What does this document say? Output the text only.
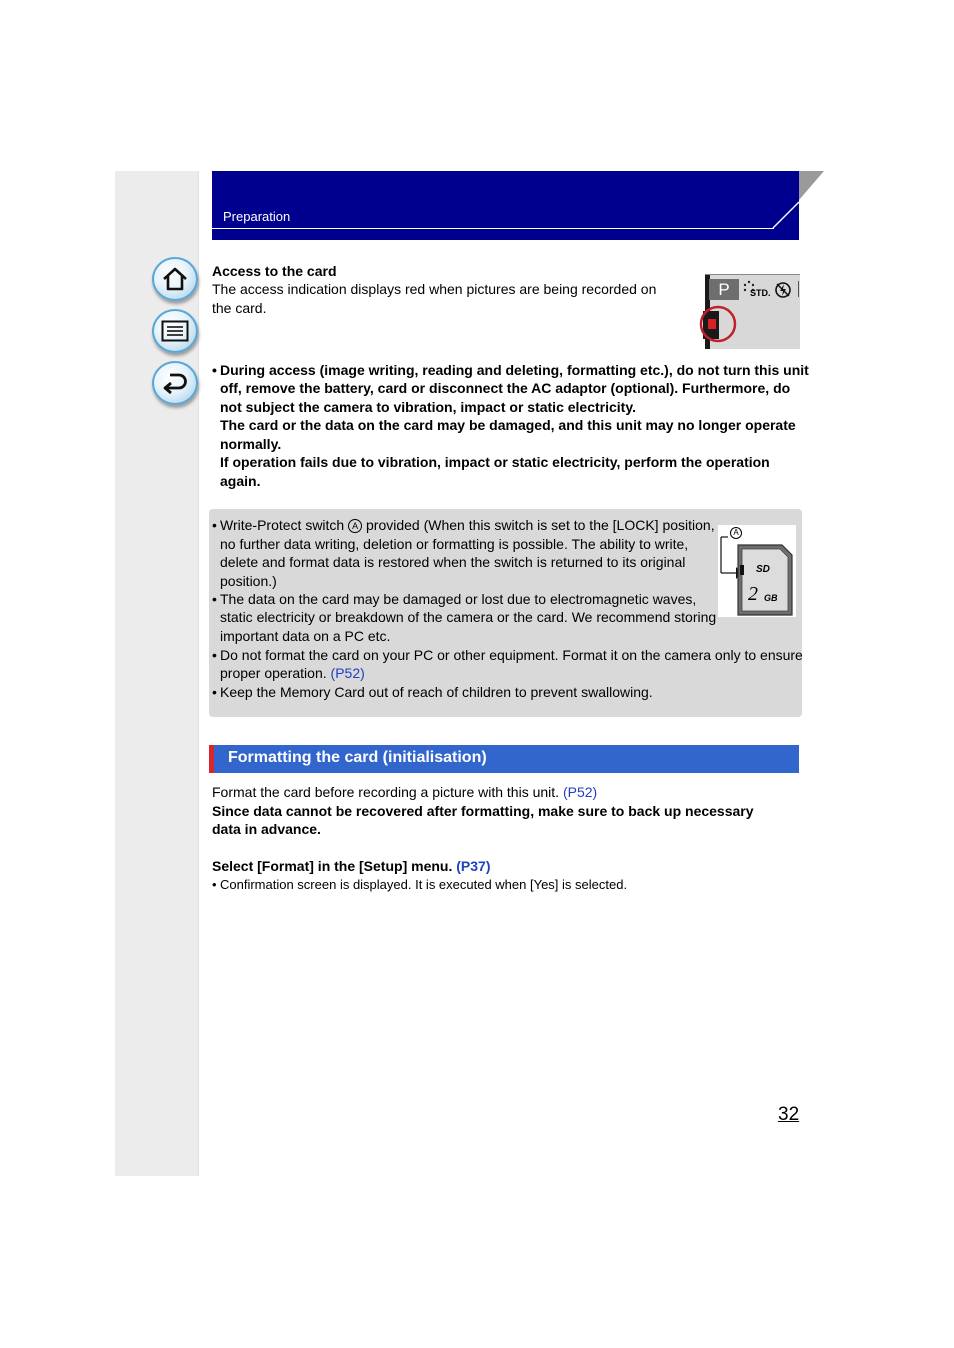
Preparation
Access to the card
The access indication displays red when pictures are being recorded on
the card.
P	STD.
• During access (image writing, reading and deleting, formatting etc.), do not turn this unit
off, remove the battery, card or disconnect the AC adaptor (optional). Furthermore, do
not subject the camera to vibration, impact or static electricity.
The card or the data on the card may be damaged, and this unit may no longer operate
normally.
If operation fails due to vibration, impact or static electricity, perform the operation
again.
• Write-Protect switch A provided (When this switch is set to the [LOCK] position,
no further data writing, deletion or formatting is possible. The ability to write,
delete and format data is restored when the switch is returned to its original
position.)
• The data on the card may be damaged or lost due to electromagnetic waves,
static electricity or breakdown of the camera or the card. We recommend storing
important data on a PC etc.
• Do not format the card on your PC or other equipment. Format it on the camera only to ensure
proper operation. (P52)
• Keep the Memory Card out of reach of children to prevent swallowing.
A
SD
2 GB
Formatting the card (initialisation)
Format the card before recording a picture with this unit. (P52)
Since data cannot be recovered after formatting, make sure to back up necessary
data in advance.
Select [Format] in the [Setup] menu. (P37)
• Confirmation screen is displayed. It is executed when [Yes] is selected.
32
